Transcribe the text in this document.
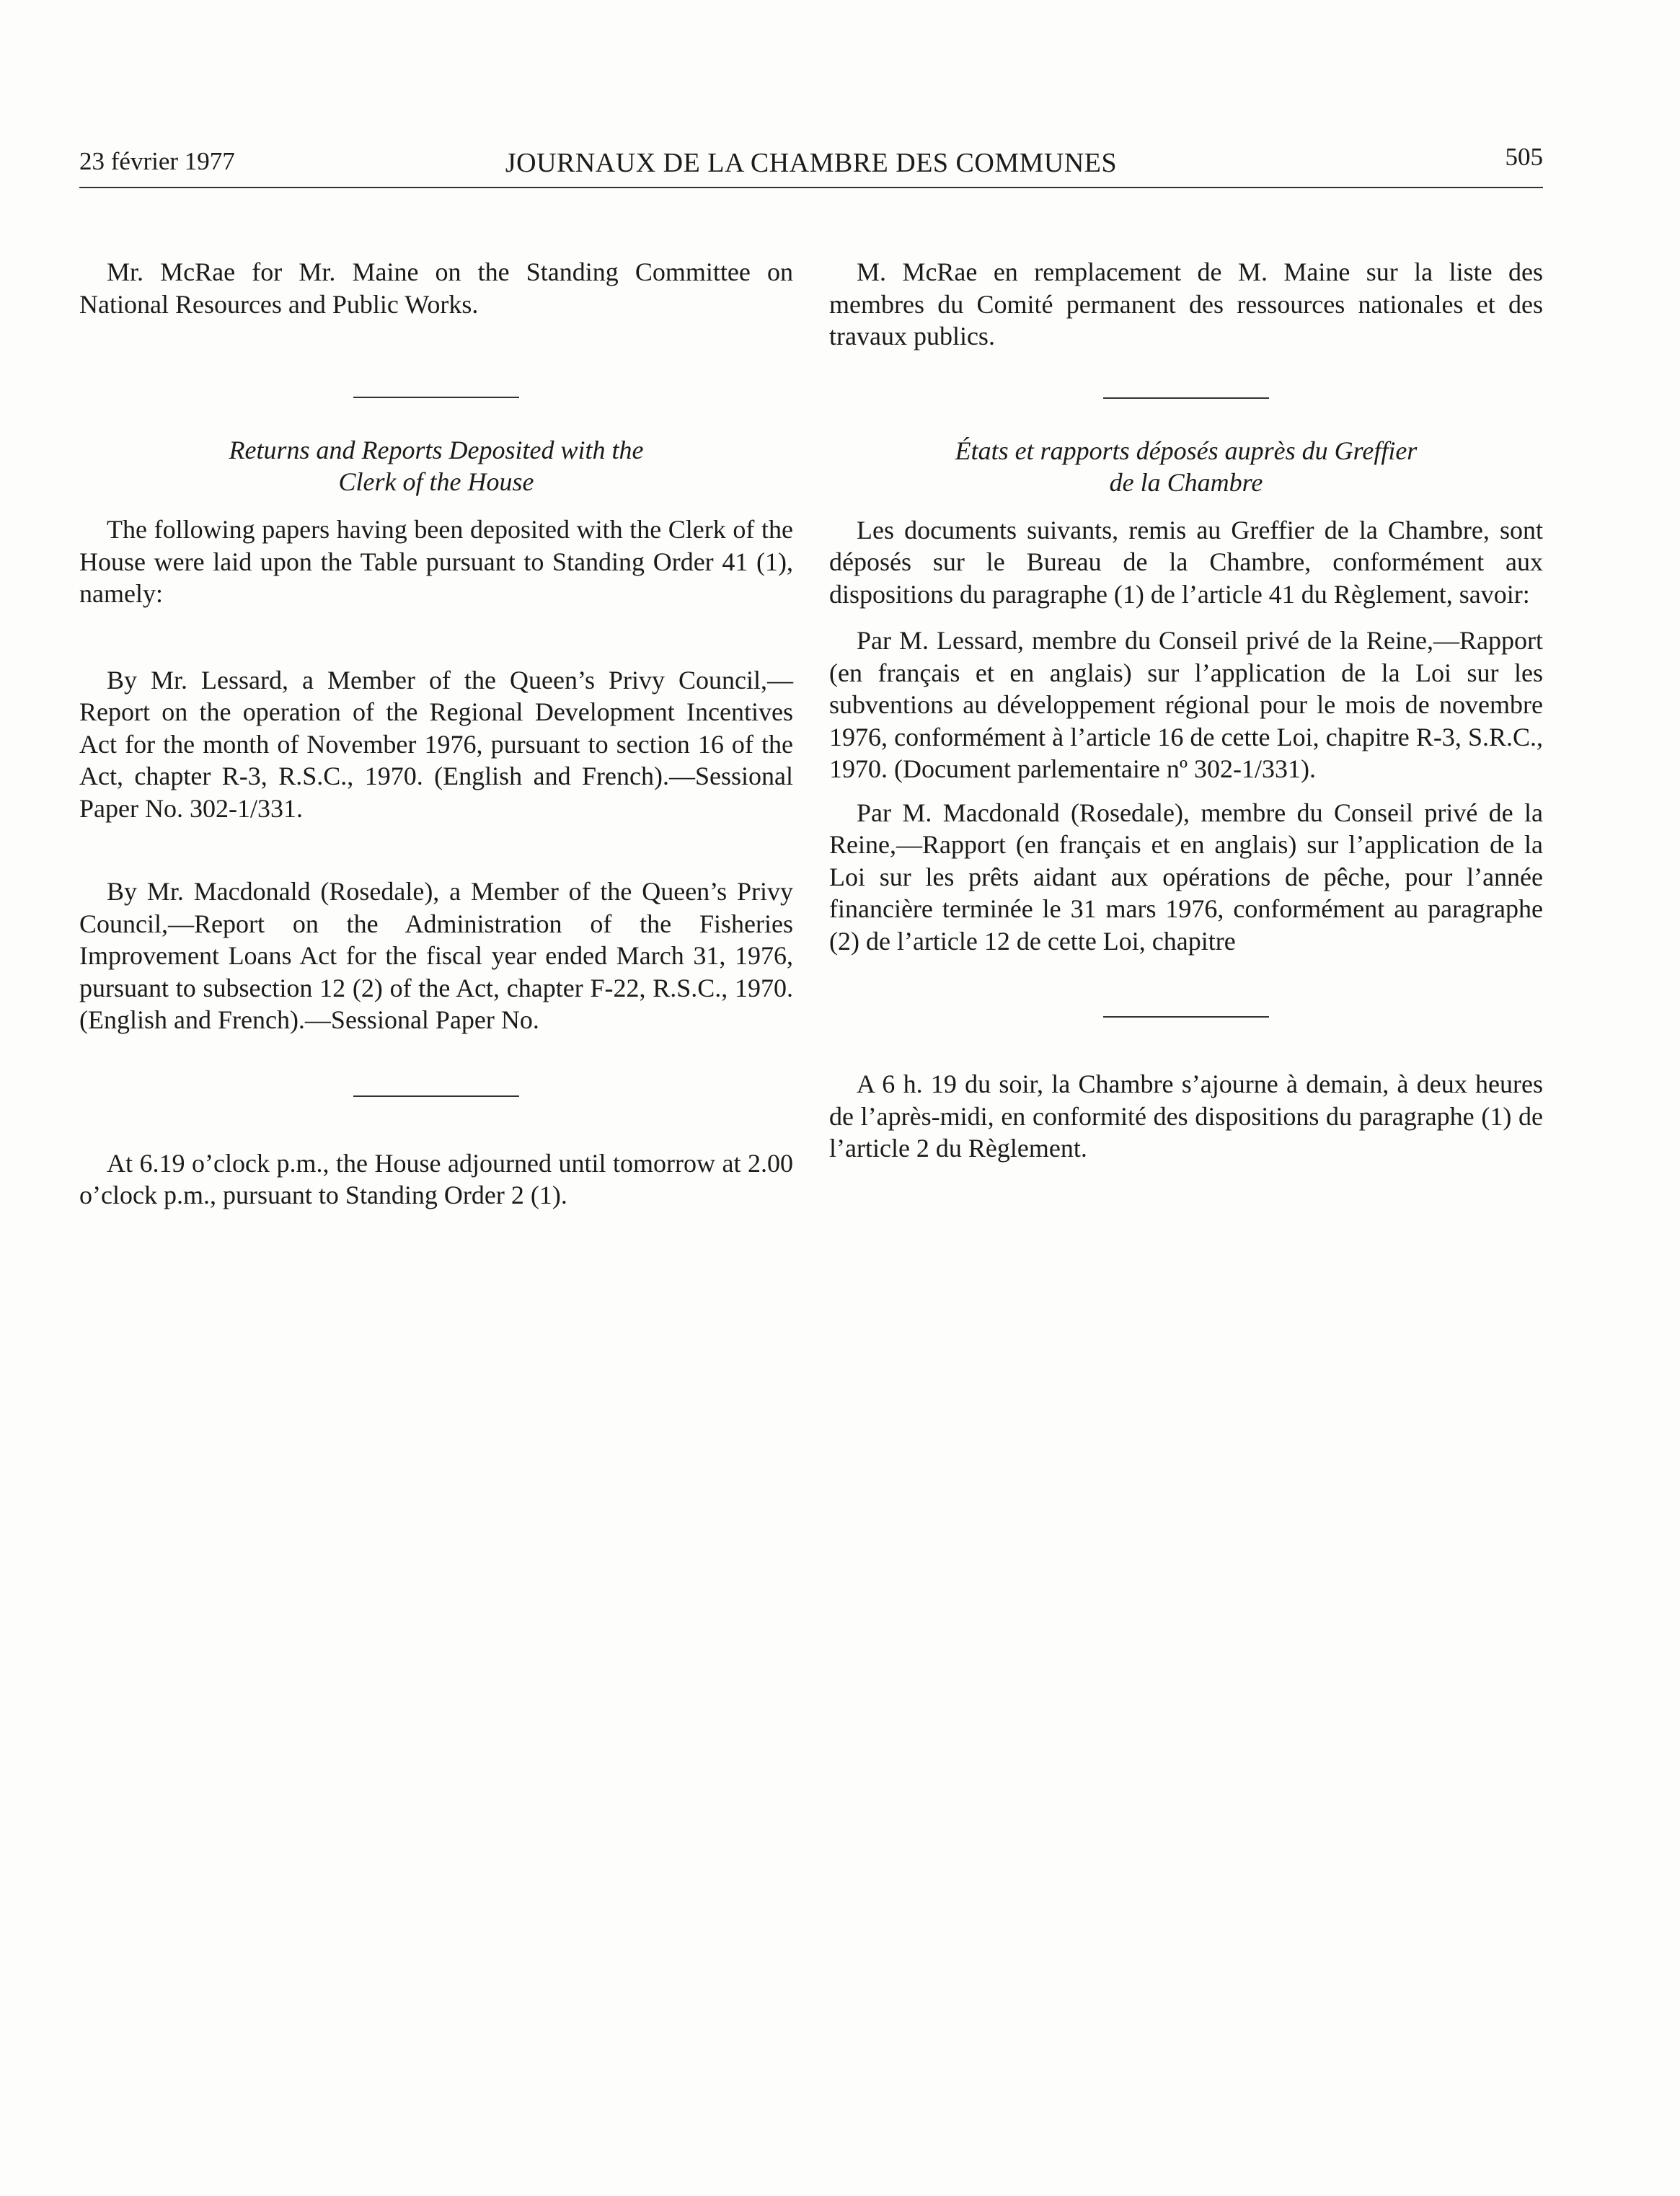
23 février 1977	JOURNAUX DE LA CHAMBRE DES COMMUNES	505

Mr. McRae for Mr. Maine on the Standing Committee on National Resources and Public Works.

Returns and Reports Deposited with the

Clerk of the House

The following papers having been deposited with the Clerk of the House were laid upon the Table pursuant to Standing Order 41 (1), namely:

By Mr. Lessard, a Member of the Queen’s Privy Council,—Report on the operation of the Regional Development Incentives Act for the month of November 1976, pursuant to section 16 of the Act, chapter R-3, R.S.C., 1970. (English and French).—Sessional Paper No. 302-1/331.

By Mr. Macdonald (Rosedale), a Member of the Queen’s Privy Council,—Report on the Administration of the Fisheries Improvement Loans Act for the fiscal year ended March 31, 1976, pursuant to subsection 12 (2) of the Act, chapter F-22, R.S.C., 1970. (English and French).—Sessional Paper No.

At 6.19 o’clock p.m., the House adjourned until tomorrow at 2.00 o’clock p.m., pursuant to Standing Order 2 (1).

M. McRae en remplacement de M. Maine sur la liste des membres du Comité permanent des ressources nationales et des travaux publics.

États et rapports déposés auprès du Greffier

de la Chambre

Les documents suivants, remis au Greffier de la Chambre, sont déposés sur le Bureau de la Chambre, conformément aux dispositions du paragraphe (1) de l’article 41 du Règlement, savoir:

Par M. Lessard, membre du Conseil privé de la Reine,—Rapport (en français et en anglais) sur l’application de la Loi sur les subventions au développement régional pour le mois de novembre 1976, conformément à l’article 16 de cette Loi, chapitre R-3, S.R.C., 1970. (Document parlementaire nº 302-1/331).

Par M. Macdonald (Rosedale), membre du Conseil privé de la Reine,—Rapport (en français et en anglais) sur l’application de la Loi sur les prêts aidant aux opérations de pêche, pour l’année financière terminée le 31 mars 1976, conformément au paragraphe (2) de l’article 12 de cette Loi, chapitre

A 6 h. 19 du soir, la Chambre s’ajourne à demain, à deux heures de l’après-midi, en conformité des dispositions du paragraphe (1) de l’article 2 du Règlement.
